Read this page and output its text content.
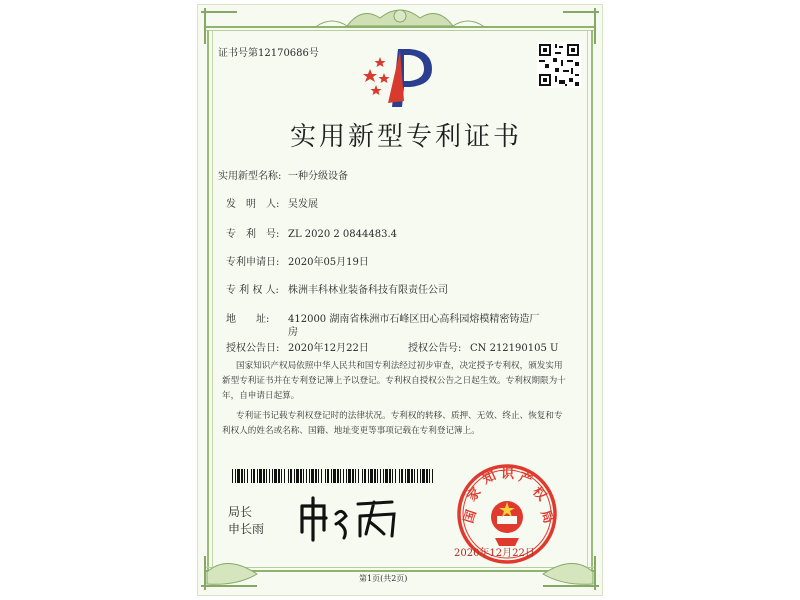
证书号第12170686号
实用新型专利证书
实用新型名称: 一种分级设备
发　明　人: 吴发展
专　利　号: ZL 2020 2 0844483.4
专利申请日: 2020年05月19日
专 利 权 人: 株洲丰科林业装备科技有限责任公司
地　　址: 412000 湖南省株洲市石峰区田心高科园熔模精密铸造厂
房
授权公告日: 2020年12月22日	授权公告号: CN 212190105 U
国家知识产权局依照中华人民共和国专利法经过初步审查，决定授予专利权，颁发实用
新型专利证书并在专利登记簿上予以登记。专利权自授权公告之日起生效。专利权期限为十
年，自申请日起算。
专利证书记载专利权登记时的法律状况。专利权的转移、质押、无效、终止、恢复和专
利权人的姓名或名称、国籍、地址变更等事项记载在专利登记簿上。
局长
申长雨
国
家
知 识 产
权
局
2020年12月22日
第1页(共2页)
